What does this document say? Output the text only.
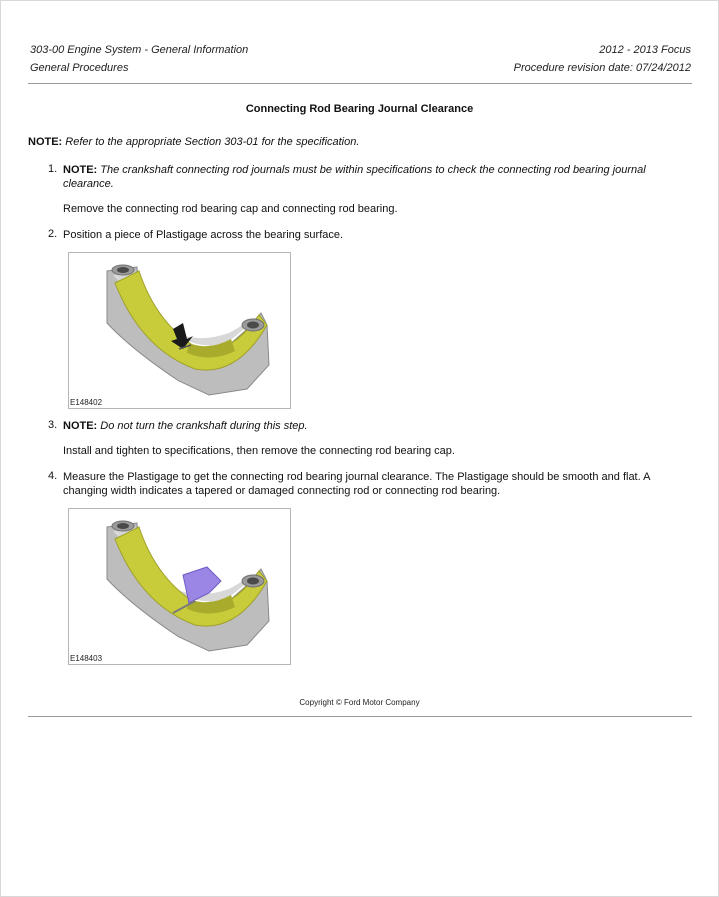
303-00 Engine System - General Information
General Procedures
2012 - 2013 Focus
Procedure revision date: 07/24/2012
Connecting Rod Bearing Journal Clearance
NOTE: Refer to the appropriate Section 303-01 for the specification.
1. NOTE: The crankshaft connecting rod journals must be within specifications to check the connecting rod bearing journal clearance.
Remove the connecting rod bearing cap and connecting rod bearing.
2. Position a piece of Plastigage across the bearing surface.
E148402
3. NOTE: Do not turn the crankshaft during this step.
Install and tighten to specifications, then remove the connecting rod bearing cap.
4. Measure the Plastigage to get the connecting rod bearing journal clearance. The Plastigage should be smooth and flat. A changing width indicates a tapered or damaged connecting rod or connecting rod bearing.
E148403
Copyright © Ford Motor Company
